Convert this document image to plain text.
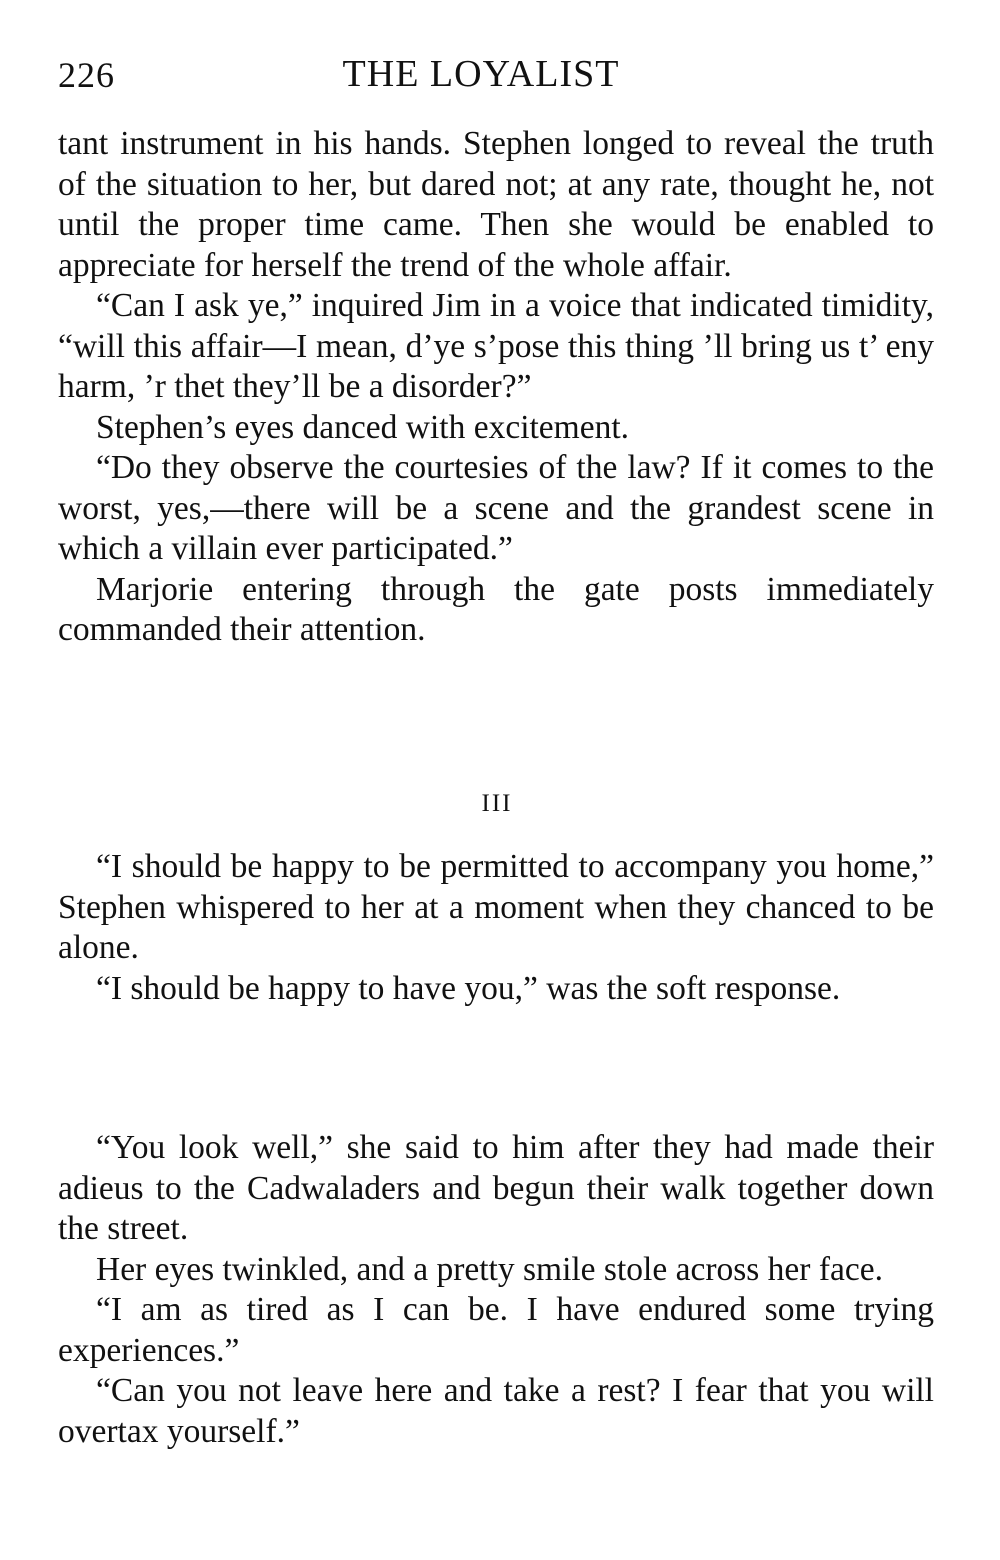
226	THE LOYALIST

tant instrument in his hands. Stephen longed to reveal the truth of the situation to her, but dared not; at any rate, thought he, not until the proper time came. Then she would be enabled to appreciate for herself the trend of the whole affair.

“Can I ask ye,” inquired Jim in a voice that indicated timidity, “will this affair—I mean, d’ye s’pose this thing ’ll bring us t’ eny harm, ’r thet they’ll be a disorder?”

Stephen’s eyes danced with excitement.

“Do they observe the courtesies of the law? If it comes to the worst, yes,—there will be a scene and the grandest scene in which a villain ever participated.”

Marjorie entering through the gate posts immediately commanded their attention.

III

“I should be happy to be permitted to accompany you home,” Stephen whispered to her at a moment when they chanced to be alone.

“I should be happy to have you,” was the soft response.

“You look well,” she said to him after they had made their adieus to the Cadwaladers and begun their walk together down the street.

Her eyes twinkled, and a pretty smile stole across her face.

“I am as tired as I can be. I have endured some trying experiences.”

“Can you not leave here and take a rest? I fear that you will overtax yourself.”
